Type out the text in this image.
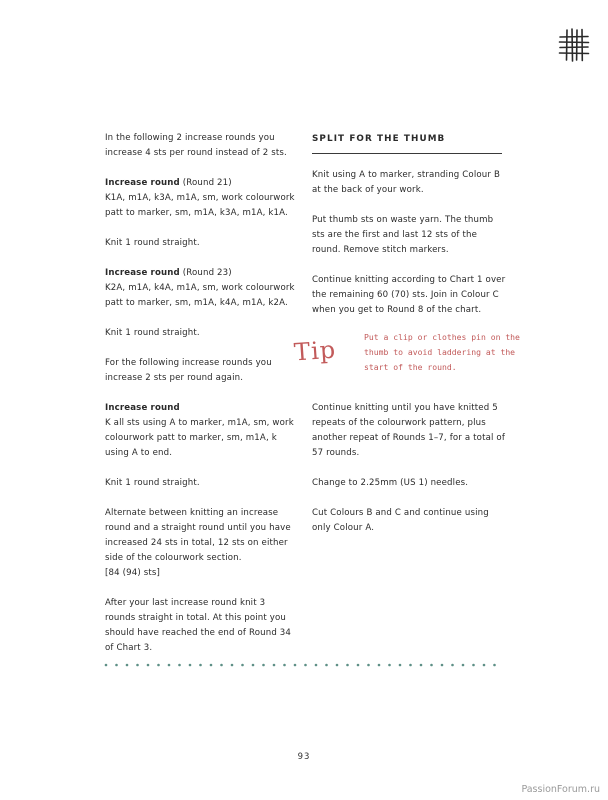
In the following 2 increase rounds you increase 4 sts per round instead of 2 sts.

Increase round (Round 21)

K1A, m1A, k3A, m1A, sm, work colourwork patt to marker, sm, m1A, k3A, m1A, k1A.

Knit 1 round straight.

Increase round (Round 23)

K2A, m1A, k4A, m1A, sm, work colourwork patt to marker, sm, m1A, k4A, m1A, k2A.

Knit 1 round straight.

For the following increase rounds you increase 2 sts per round again.

Increase round

K all sts using A to marker, m1A, sm, work colourwork patt to marker, sm, m1A, k using A to end.

Knit 1 round straight.

Alternate between knitting an increase round and a straight round until you have increased 24 sts in total, 12 sts on either side of the colourwork section.
[84 (94) sts]

After your last increase round knit 3 rounds straight in total. At this point you should have reached the end of Round 34 of Chart 3.

SPLIT FOR THE THUMB

Knit using A to marker, stranding Colour B at the back of your work.

Put thumb sts on waste yarn. The thumb sts are the first and last 12 sts of the round. Remove stitch markers.

Continue knitting according to Chart 1 over the remaining 60 (70) sts. Join in Colour C when you get to Round 8 of the chart.

Tip	Put a clip or clothes pin on the thumb to avoid laddering at the start of the round.

Continue knitting until you have knitted 5 repeats of the colourwork pattern, plus another repeat of Rounds 1–7, for a total of 57 rounds.

Change to 2.25mm (US 1) needles.

Cut Colours B and C and continue using only Colour A.

93
PassionForum.ru
